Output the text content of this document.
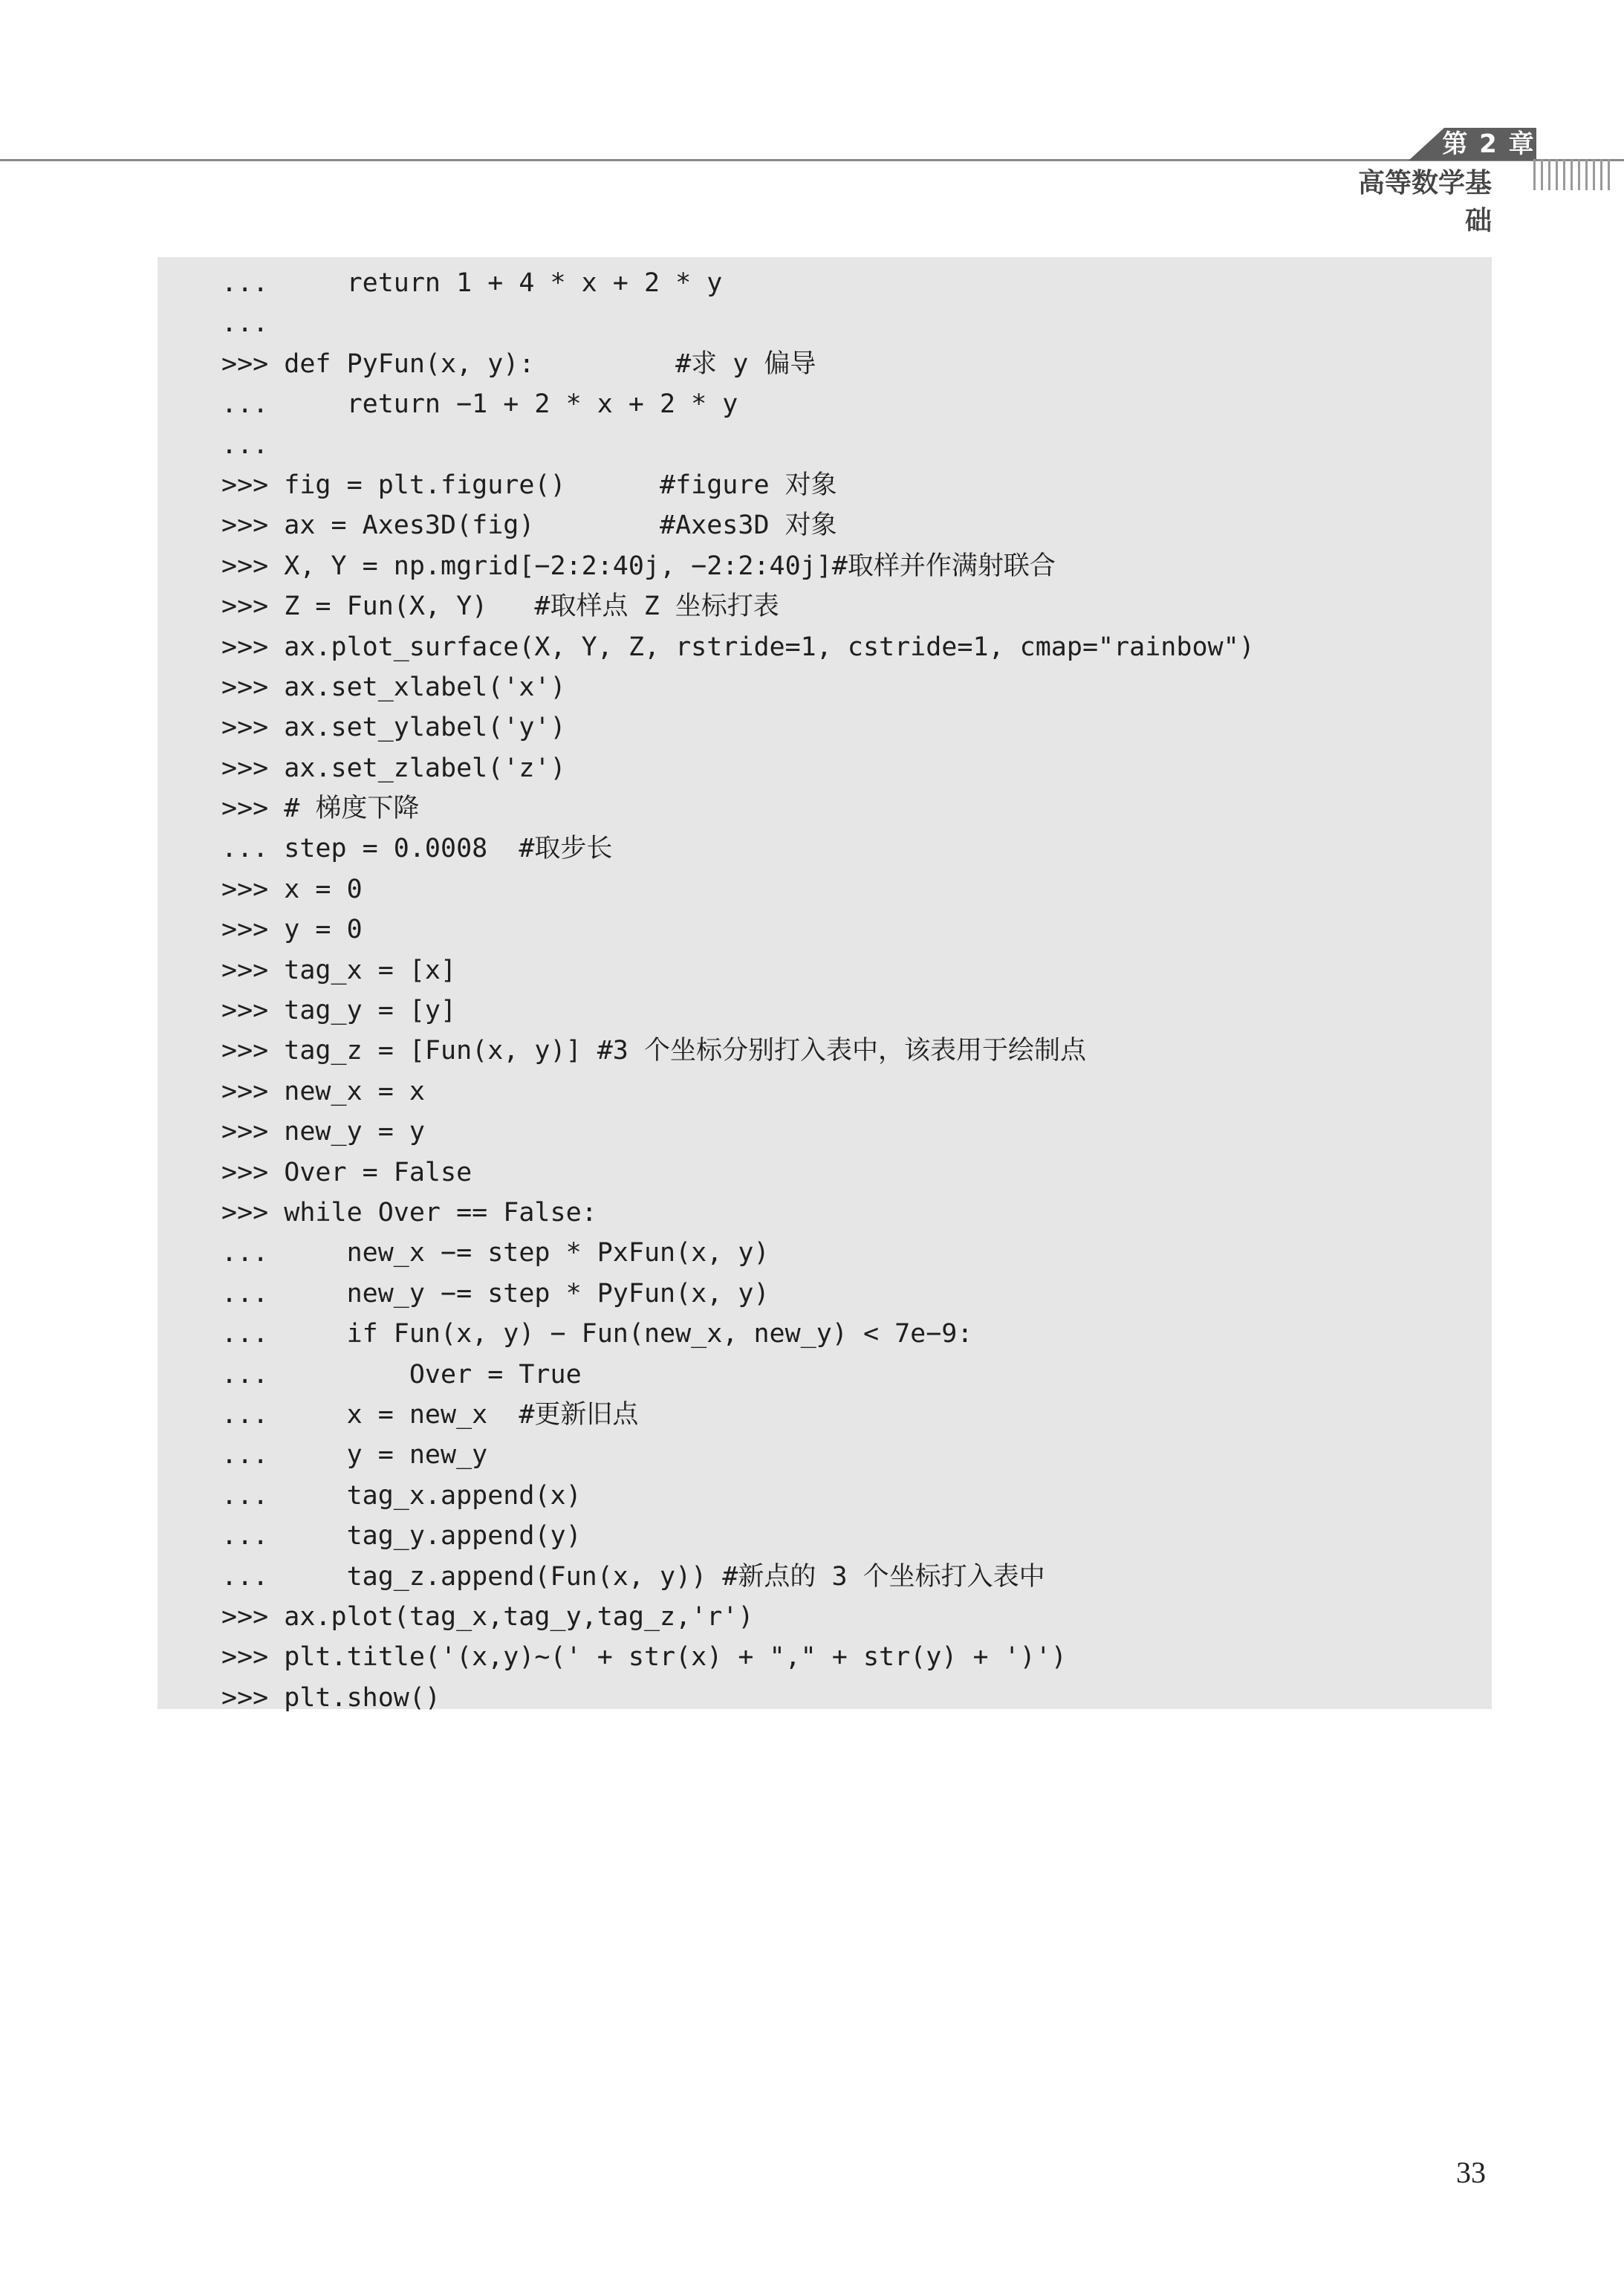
第 2 章
高等数学基础
...     return 1 + 4 * x + 2 * y
...
>>> def PyFun(x, y):         #求 y 偏导
...     return −1 + 2 * x + 2 * y
...
>>> fig = plt.figure()      #figure 对象
>>> ax = Axes3D(fig)        #Axes3D 对象
>>> X, Y = np.mgrid[−2:2:40j, −2:2:40j]#取样并作满射联合
>>> Z = Fun(X, Y)   #取样点 Z 坐标打表
>>> ax.plot_surface(X, Y, Z, rstride=1, cstride=1, cmap="rainbow")
>>> ax.set_xlabel('x')
>>> ax.set_ylabel('y')
>>> ax.set_zlabel('z')
>>> # 梯度下降
... step = 0.0008  #取步长
>>> x = 0
>>> y = 0
>>> tag_x = [x]
>>> tag_y = [y]
>>> tag_z = [Fun(x, y)] #3 个坐标分别打入表中，该表用于绘制点
>>> new_x = x
>>> new_y = y
>>> Over = False
>>> while Over == False:
...     new_x −= step * PxFun(x, y)
...     new_y −= step * PyFun(x, y)
...     if Fun(x, y) − Fun(new_x, new_y) < 7e−9:
...         Over = True
...     x = new_x  #更新旧点
...     y = new_y
...     tag_x.append(x)
...     tag_y.append(y)
...     tag_z.append(Fun(x, y)) #新点的 3 个坐标打入表中
>>> ax.plot(tag_x,tag_y,tag_z,'r')
>>> plt.title('(x,y)~(' + str(x) + "," + str(y) + ')')
>>> plt.show()
33
